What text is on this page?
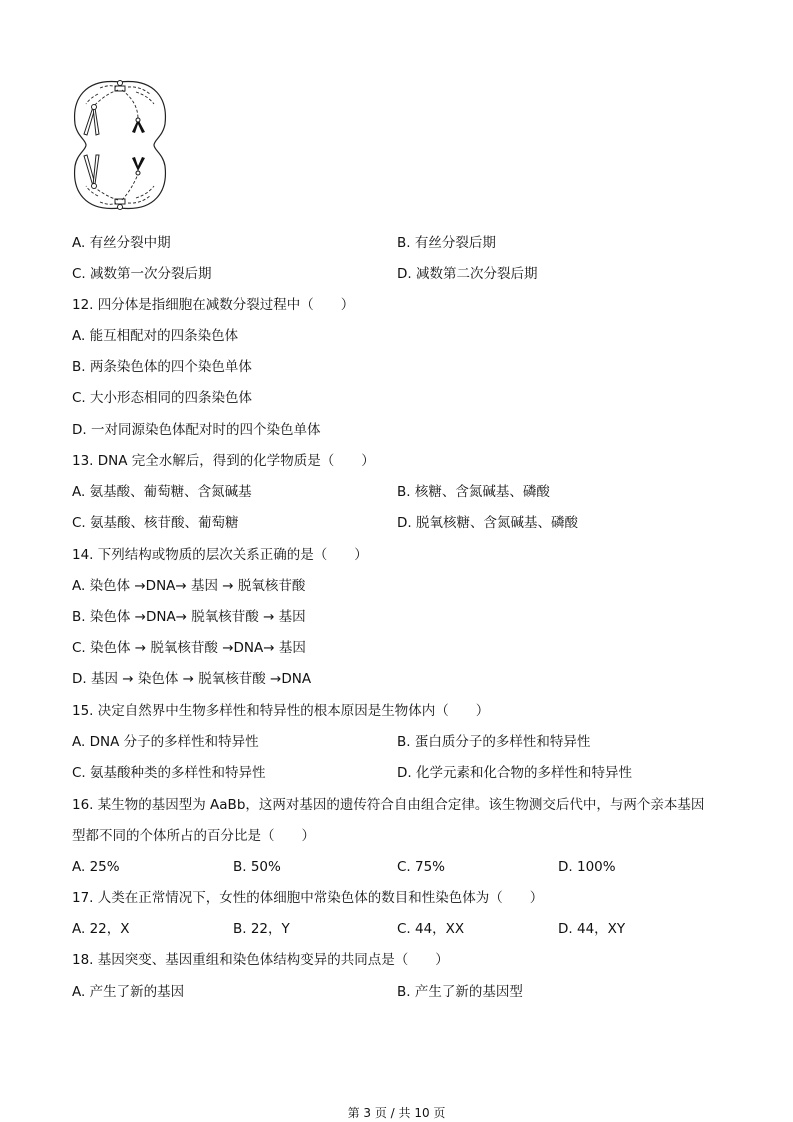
A. 有丝分裂中期	B. 有丝分裂后期
C. 减数第一次分裂后期	D. 减数第二次分裂后期
12. 四分体是指细胞在减数分裂过程中（　　）
A. 能互相配对的四条染色体
B. 两条染色体的四个染色单体
C. 大小形态相同的四条染色体
D. 一对同源染色体配对时的四个染色单体
13. DNA 完全水解后，得到的化学物质是（　　）
A. 氨基酸、葡萄糖、含氮碱基	B. 核糖、含氮碱基、磷酸
C. 氨基酸、核苷酸、葡萄糖	D. 脱氧核糖、含氮碱基、磷酸
14. 下列结构或物质的层次关系正确的是（　　）
A. 染色体 →DNA→ 基因 → 脱氧核苷酸
B. 染色体 →DNA→ 脱氧核苷酸 → 基因
C. 染色体 → 脱氧核苷酸 →DNA→ 基因
D. 基因 → 染色体 → 脱氧核苷酸 →DNA
15. 决定自然界中生物多样性和特异性的根本原因是生物体内（　　）
A. DNA 分子的多样性和特异性	B. 蛋白质分子的多样性和特异性
C. 氨基酸种类的多样性和特异性	D. 化学元素和化合物的多样性和特异性
16. 某生物的基因型为 AaBb，这两对基因的遗传符合自由组合定律。该生物测交后代中，与两个亲本基因
型都不同的个体所占的百分比是（　　）
A. 25%	B. 50%	C. 75%	D. 100%
17. 人类在正常情况下，女性的体细胞中常染色体的数目和性染色体为（　　）
A. 22，X	B. 22，Y	C. 44，XX	D. 44，XY
18. 基因突变、基因重组和染色体结构变异的共同点是（　　）
A. 产生了新的基因	B. 产生了新的基因型
第 3 页 / 共 10 页
